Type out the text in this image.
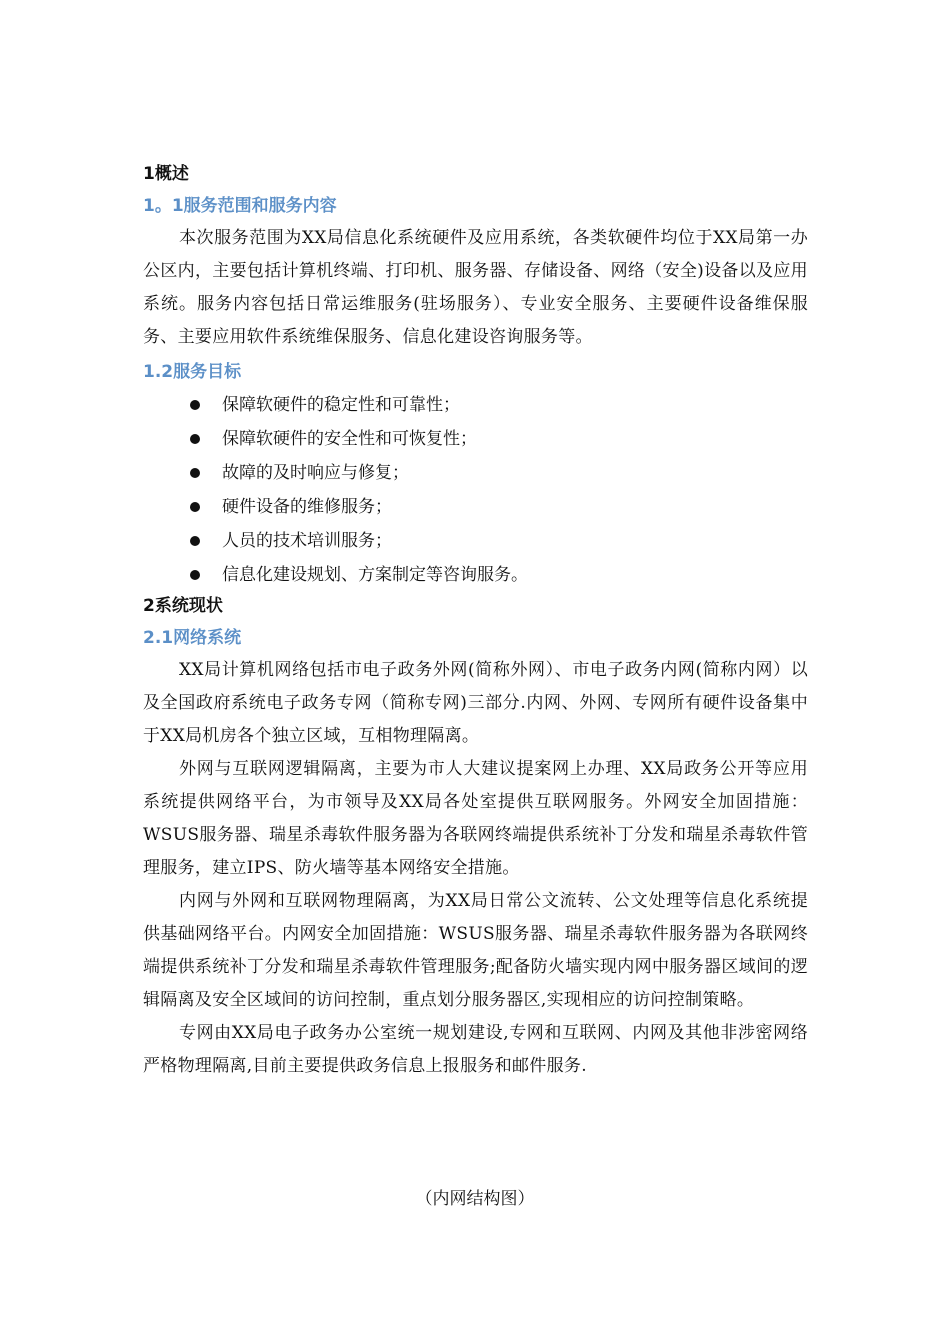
1概述
1。1服务范围和服务内容

本次服务范围为XX局信息化系统硬件及应用系统，各类软硬件均位于XX局第一办公区内，主要包括计算机终端、打印机、服务器、存储设备、网络（安全)设备以及应用系统。服务内容包括日常运维服务(驻场服务）、专业安全服务、主要硬件设备维保服务、主要应用软件系统维保服务、信息化建设咨询服务等。

1.2服务目标
保障软硬件的稳定性和可靠性；
保障软硬件的安全性和可恢复性；
故障的及时响应与修复；
硬件设备的维修服务；
人员的技术培训服务；
信息化建设规划、方案制定等咨询服务。
2系统现状
2.1网络系统

XX局计算机网络包括市电子政务外网(简称外网）、市电子政务内网(简称内网）以及全国政府系统电子政务专网（简称专网)三部分.内网、外网、专网所有硬件设备集中于XX局机房各个独立区域，互相物理隔离。

外网与互联网逻辑隔离，主要为市人大建议提案网上办理、XX局政务公开等应用系统提供网络平台，为市领导及XX局各处室提供互联网服务。外网安全加固措施：WSUS服务器、瑞星杀毒软件服务器为各联网终端提供系统补丁分发和瑞星杀毒软件管理服务，建立IPS、防火墙等基本网络安全措施。

内网与外网和互联网物理隔离，为XX局日常公文流转、公文处理等信息化系统提供基础网络平台。内网安全加固措施：WSUS服务器、瑞星杀毒软件服务器为各联网终端提供系统补丁分发和瑞星杀毒软件管理服务;配备防火墙实现内网中服务器区域间的逻辑隔离及安全区域间的访问控制，重点划分服务器区,实现相应的访问控制策略。

专网由XX局电子政务办公室统一规划建设,专网和互联网、内网及其他非涉密网络严格物理隔离,目前主要提供政务信息上报服务和邮件服务.

（内网结构图）
